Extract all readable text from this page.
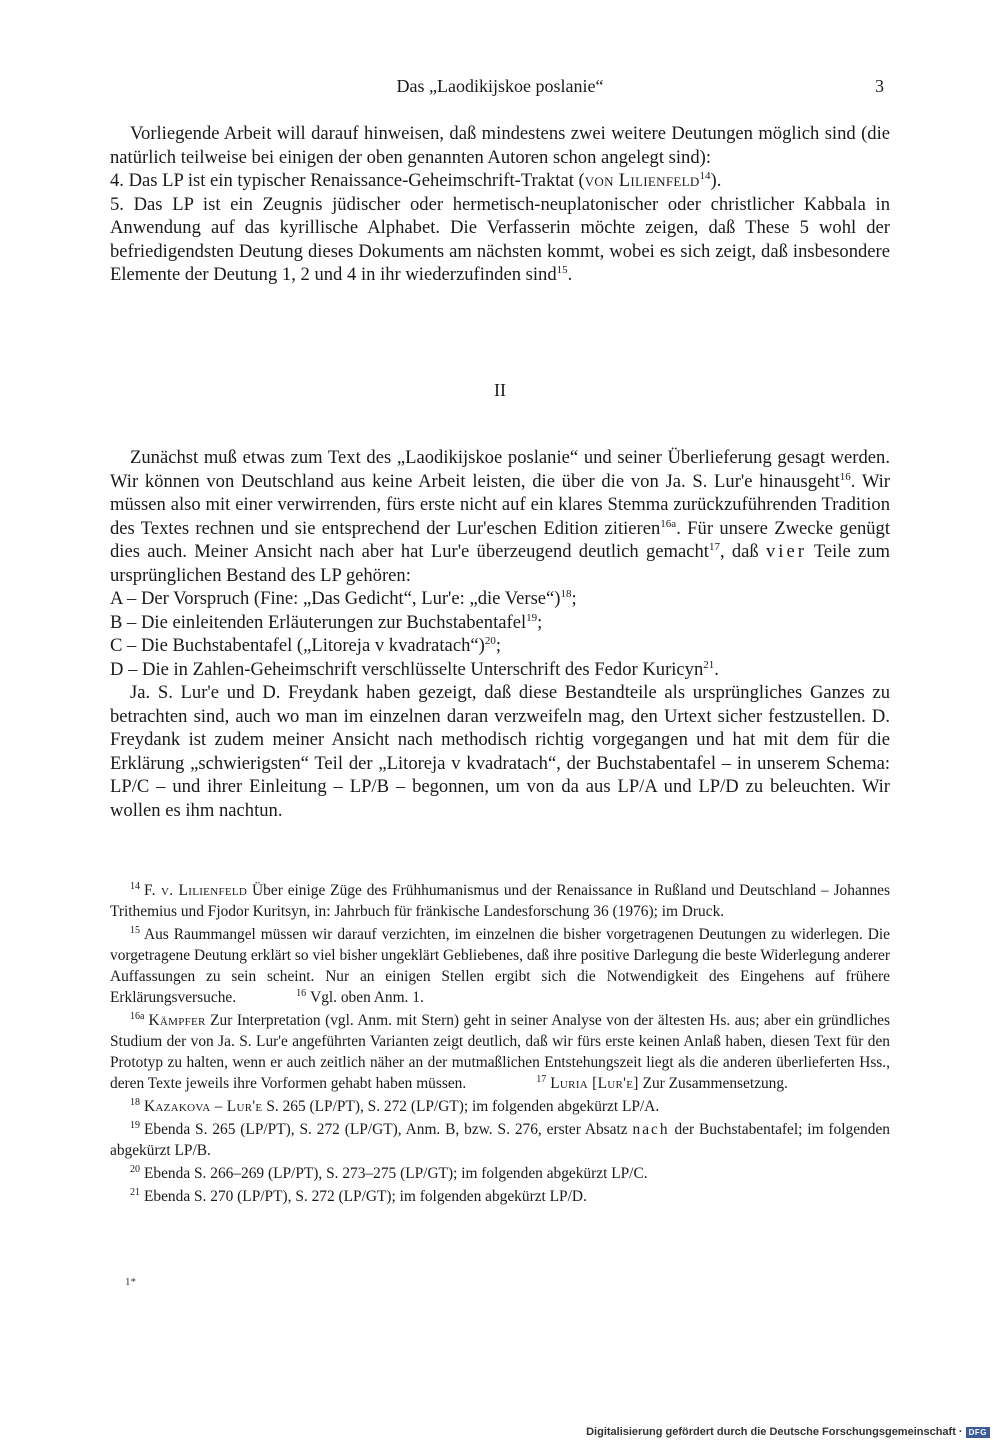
Das „Laodikijskoe poslanie“	3

Vorliegende Arbeit will darauf hinweisen, daß mindestens zwei weitere Deutungen möglich sind (die natürlich teilweise bei einigen der oben genannten Autoren schon angelegt sind):

4. Das LP ist ein typischer Renaissance-Geheimschrift-Traktat (von Lilienfeld$^{14}$).

5. Das LP ist ein Zeugnis jüdischer oder hermetisch-neuplatonischer oder christlicher Kabbala in Anwendung auf das kyrillische Alphabet. Die Verfasserin möchte zeigen, daß These 5 wohl der befriedigendsten Deutung dieses Dokuments am nächsten kommt, wobei es sich zeigt, daß insbesondere Elemente der Deutung 1, 2 und 4 in ihr wiederzufinden sind$^{15}$.

II

Zunächst muß etwas zum Text des „Laodikijskoe poslanie“ und seiner Überlieferung gesagt werden. Wir können von Deutschland aus keine Arbeit leisten, die über die von Ja. S. Lur'e hinausgeht$^{16}$. Wir müssen also mit einer verwirrenden, fürs erste nicht auf ein klares Stemma zurückzuführenden Tradition des Textes rechnen und sie entsprechend der Lur'eschen Edition zitieren$^{16a}$. Für unsere Zwecke genügt dies auch. Meiner Ansicht nach aber hat Lur'e überzeugend deutlich gemacht$^{17}$, daß vier Teile zum ursprünglichen Bestand des LP gehören:

A – Der Vorspruch (Fine: „Das Gedicht“, Lur'e: „die Verse“)$^{18}$;

B – Die einleitenden Erläuterungen zur Buchstabentafel$^{19}$;

C – Die Buchstabentafel („Litoreja v kvadratach“)$^{20}$;

D – Die in Zahlen-Geheimschrift verschlüsselte Unterschrift des Fedor Kuricyn$^{21}$.

Ja. S. Lur'e und D. Freydank haben gezeigt, daß diese Bestandteile als ursprüngliches Ganzes zu betrachten sind, auch wo man im einzelnen daran verzweifeln mag, den Urtext sicher festzustellen. D. Freydank ist zudem meiner Ansicht nach methodisch richtig vorgegangen und hat mit dem für die Erklärung „schwierigsten“ Teil der „Litoreja v kvadratach“, der Buchstabentafel – in unserem Schema: LP/C – und ihrer Einleitung – LP/B – begonnen, um von da aus LP/A und LP/D zu beleuchten. Wir wollen es ihm nachtun.

$^{14}$ F. v. Lilienfeld Über einige Züge des Frühhumanismus und der Renaissance in Rußland und Deutschland – Johannes Trithemius und Fjodor Kuritsyn, in: Jahrbuch für fränkische Landesforschung 36 (1976); im Druck.

$^{15}$ Aus Raummangel müssen wir darauf verzichten, im einzelnen die bisher vorgetragenen Deutungen zu widerlegen. Die vorgetragene Deutung erklärt so viel bisher ungeklärt Gebliebenes, daß ihre positive Darlegung die beste Widerlegung anderer Auffassungen zu sein scheint. Nur an einigen Stellen ergibt sich die Notwendigkeit des Eingehens auf frühere Erklärungsversuche.	$^{16}$ Vgl. oben Anm. 1.

$^{16a}$ Kämpfer Zur Interpretation (vgl. Anm. mit Stern) geht in seiner Analyse von der ältesten Hs. aus; aber ein gründliches Studium der von Ja. S. Lur'e angeführten Varianten zeigt deutlich, daß wir fürs erste keinen Anlaß haben, diesen Text für den Prototyp zu halten, wenn er auch zeitlich näher an der mutmaßlichen Entstehungszeit liegt als die anderen überlieferten Hss., deren Texte jeweils ihre Vorformen gehabt haben müssen.	$^{17}$ Luria [Lur'e] Zur Zusammensetzung.

$^{18}$ Kazakova – Lur'e S. 265 (LP/PT), S. 272 (LP/GT); im folgenden abgekürzt LP/A.

$^{19}$ Ebenda S. 265 (LP/PT), S. 272 (LP/GT), Anm. B, bzw. S. 276, erster Absatz nach der Buchstabentafel; im folgenden abgekürzt LP/B.

$^{20}$ Ebenda S. 266–269 (LP/PT), S. 273–275 (LP/GT); im folgenden abgekürzt LP/C.

$^{21}$ Ebenda S. 270 (LP/PT), S. 272 (LP/GT); im folgenden abgekürzt LP/D.

1*
Digitalisierung gefördert durch die Deutsche Forschungsgemeinschaft · DFG
